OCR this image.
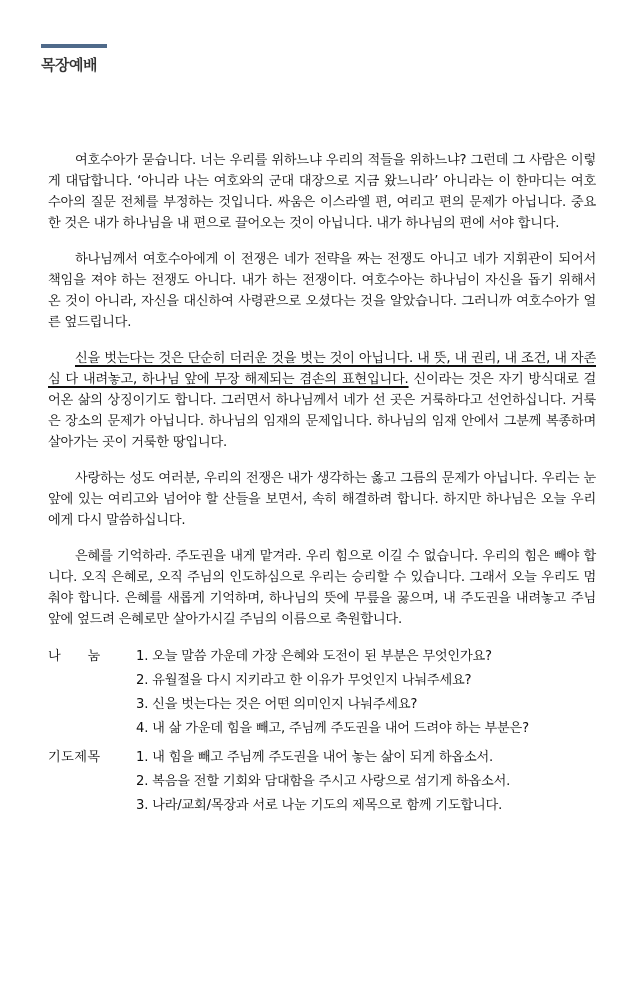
목장예배

여호수아가 묻습니다. 너는 우리를 위하느냐 우리의 적들을 위하느냐? 그런데 그 사람은 이렇게 대답합니다. ‘아니라 나는 여호와의 군대 대장으로 지금 왔느니라’ 아니라는 이 한마디는 여호수아의 질문 전체를 부정하는 것입니다. 싸움은 이스라엘 편, 여리고 편의 문제가 아닙니다. 중요한 것은 내가 하나님을 내 편으로 끌어오는 것이 아닙니다. 내가 하나님의 편에 서야 합니다.

하나님께서 여호수아에게 이 전쟁은 네가 전략을 짜는 전쟁도 아니고 네가 지휘관이 되어서 책임을 져야 하는 전쟁도 아니다. 내가 하는 전쟁이다. 여호수아는 하나님이 자신을 돕기 위해서 온 것이 아니라, 자신을 대신하여 사령관으로 오셨다는 것을 알았습니다. 그러니까 여호수아가 얼른 엎드립니다.

신을 벗는다는 것은 단순히 더러운 것을 벗는 것이 아닙니다. 내 뜻, 내 권리, 내 조건, 내 자존심 다 내려놓고, 하나님 앞에 무장 해제되는 겸손의 표현입니다. 신이라는 것은 자기 방식대로 걸어온 삶의 상징이기도 합니다. 그러면서 하나님께서 네가 선 곳은 거룩하다고 선언하십니다. 거룩은 장소의 문제가 아닙니다. 하나님의 임재의 문제입니다. 하나님의 임재 안에서 그분께 복종하며 살아가는 곳이 거룩한 땅입니다.

사랑하는 성도 여러분, 우리의 전쟁은 내가 생각하는 옳고 그름의 문제가 아닙니다. 우리는 눈앞에 있는 여리고와 넘어야 할 산들을 보면서, 속히 해결하려 합니다. 하지만 하나님은 오늘 우리에게 다시 말씀하십니다.

은혜를 기억하라. 주도권을 내게 맡겨라. 우리 힘으로 이길 수 없습니다. 우리의 힘은 빼야 합니다. 오직 은혜로, 오직 주님의 인도하심으로 우리는 승리할 수 있습니다. 그래서 오늘 우리도 멈춰야 합니다. 은혜를 새롭게 기억하며, 하나님의 뜻에 무릎을 꿇으며, 내 주도권을 내려놓고 주님 앞에 엎드려 은혜로만 살아가시길 주님의 이름으로 축원합니다.

나 눔	1. 오늘 말씀 가운데 가장 은혜와 도전이 된 부분은 무엇인가요?
2. 유월절을 다시 지키라고 한 이유가 무엇인지 나눠주세요?
3. 신을 벗는다는 것은 어떤 의미인지 나눠주세요?
4. 내 삶 가운데 힘을 빼고, 주님께 주도권을 내어 드려야 하는 부분은?
기 도 제 목	1. 내 힘을 빼고 주님께 주도권을 내어 놓는 삶이 되게 하옵소서.
2. 복음을 전할 기회와 담대함을 주시고 사랑으로 섬기게 하옵소서.
3. 나라/교회/목장과 서로 나눈 기도의 제목으로 함께 기도합니다.
